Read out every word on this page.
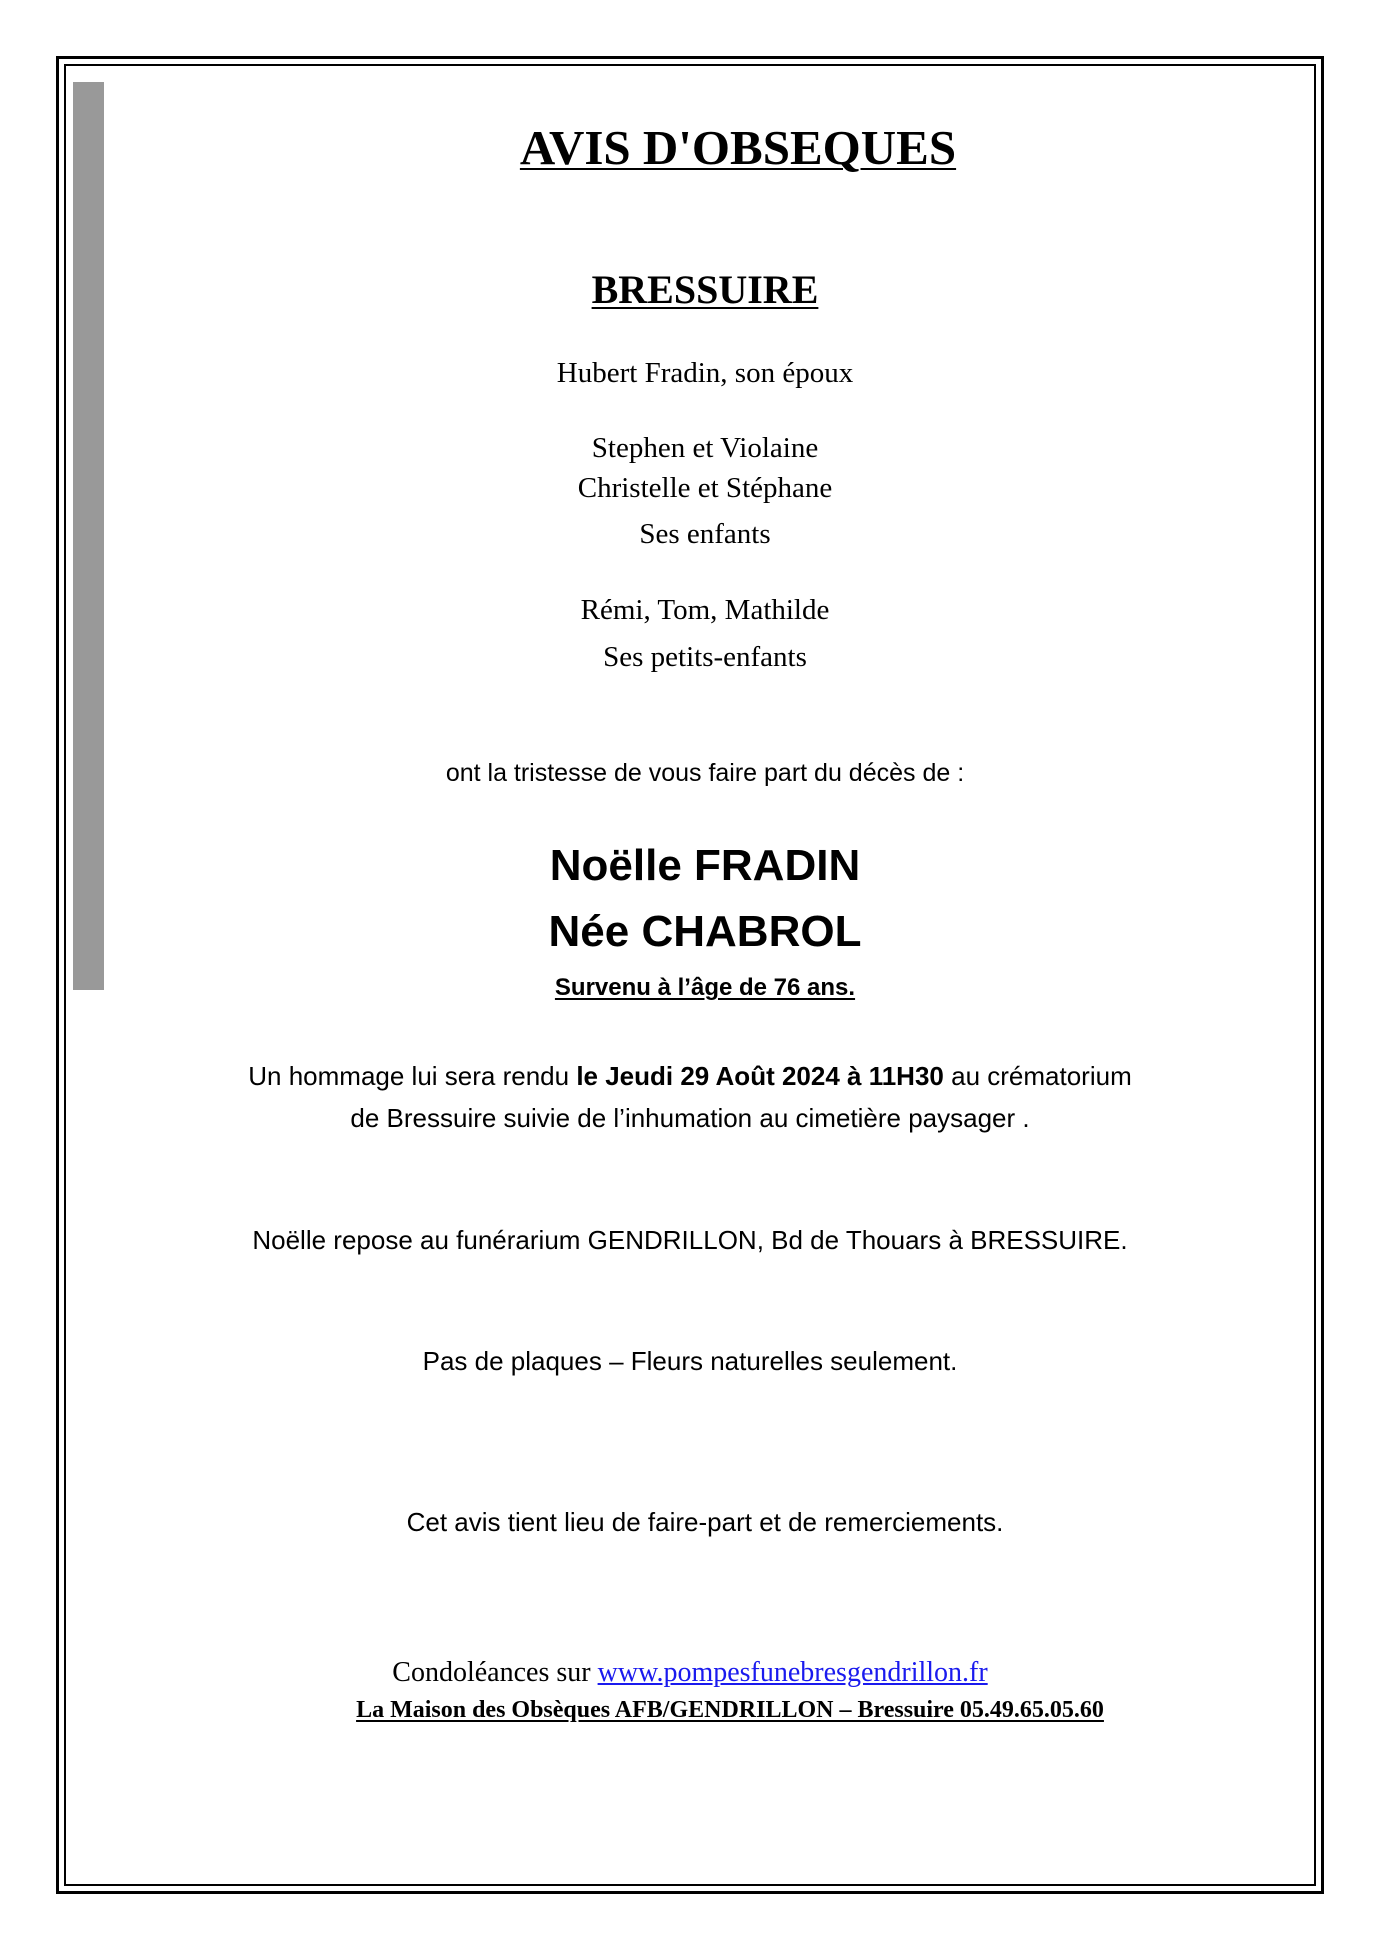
AVIS D'OBSEQUES
BRESSUIRE
Hubert Fradin, son époux
Stephen et Violaine
Christelle et Stéphane
Ses enfants
Rémi, Tom, Mathilde
Ses petits-enfants
ont la tristesse de vous faire part du décès de :
Noëlle FRADIN
Née CHABROL
Survenu à l’âge de 76 ans.
Un hommage lui sera rendu le Jeudi 29 Août 2024 à 11H30 au crématorium
de Bressuire suivie de l’inhumation au cimetière paysager .
Noëlle repose au funérarium GENDRILLON, Bd de Thouars à BRESSUIRE.
Pas de plaques – Fleurs naturelles seulement.
Cet avis tient lieu de faire-part et de remerciements.
Condoléances sur www.pompesfunebresgendrillon.fr
La Maison des Obsèques AFB/GENDRILLON – Bressuire 05.49.65.05.60
